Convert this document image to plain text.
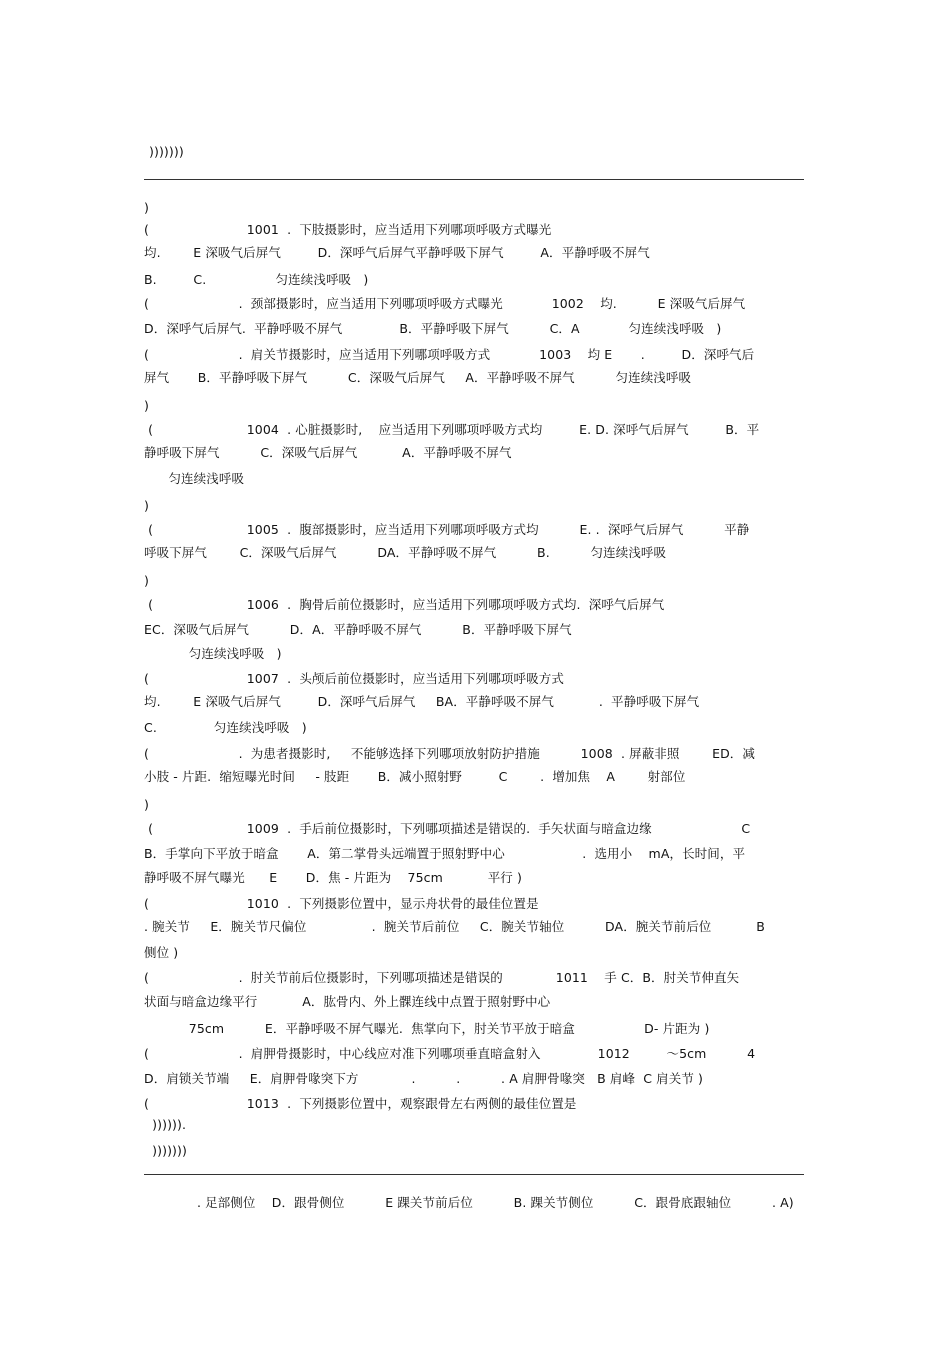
)))))))
)
(                        1001  .  下肢摄影时，应当适用下列哪项呼吸方式曝光
均.        E 深吸气后屏气         D．深呼气后屏气平静呼吸下屏气         A．平静呼吸不屏气
B.         C.                 匀连续浅呼吸   )
(                      .  颈部摄影时，应当适用下列哪项呼吸方式曝光            1002    均.          E 深吸气后屏气
D．深呼气后屏气.  平静呼吸不屏气              B．平静呼吸下屏气          C．A            匀连续浅呼吸   )
(                      .  肩关节摄影时，应当适用下列哪项呼吸方式            1003    均 E       .         D．深呼气后
屏气       B．平静呼吸下屏气          C．深吸气后屏气     A．平静呼吸不屏气          匀连续浅呼吸
)
(                       1004  . 心脏摄影时,    应当适用下列哪项呼吸方式均         E. D. 深呼气后屏气         B．平
静呼吸下屏气          C．深吸气后屏气           A．平静呼吸不屏气
匀连续浅呼吸
)
(                       1005  .  腹部摄影时，应当适用下列哪项呼吸方式均          E. .  深呼气后屏气          平静
呼吸下屏气        C．深吸气后屏气          DA．平静呼吸不屏气          B.          匀连续浅呼吸
)
(                       1006  .  胸骨后前位摄影时，应当适用下列哪项呼吸方式均.  深呼气后屏气
EC．深吸气后屏气          D．A．平静呼吸不屏气          B．平静呼吸下屏气
匀连续浅呼吸   )
(                        1007  .  头颅后前位摄影时，应当适用下列哪项呼吸方式
均.        E 深吸气后屏气         D．深呼气后屏气     BA．平静呼吸不屏气           .  平静呼吸下屏气
C.              匀连续浅呼吸   )
(                      .  为患者摄影时,     不能够选择下列哪项放射防护措施          1008  . 屏蔽非照        ED．减
小肢 - 片距.  缩短曝光时间     - 肢距       B．减小照射野         C        .  增加焦    A        射部位
)
(                       1009  .  手后前位摄影时，下列哪项描述是错误的.  手矢状面与暗盒边缘                      C
B．手掌向下平放于暗盒       A．第二掌骨头远端置于照射野中心                   .  选用小    mA，长时间，平
静呼吸不屏气曝光      E       D．焦 - 片距为    75cm           平行 )
(                        1010  .  下列摄影位置中，显示舟状骨的最佳位置是
. 腕关节     E．腕关节尺偏位                .  腕关节后前位     C．腕关节轴位          DA．腕关节前后位           B
侧位 )
(                      .  肘关节前后位摄影时，下列哪项描述是错误的             1011    手 C．B．肘关节伸直矢
状面与暗盒边缘平行           A．肱骨内、外上髁连线中点置于照射野中心
75cm          E．平静呼吸不屏气曝光.  焦掌向下，肘关节平放于暗盒                 D- 片距为 )
(                      .  肩胛骨摄影时，中心线应对准下列哪项垂直暗盒射入              1012         ～5cm          4
D．肩锁关节端     E．肩胛骨喙突下方             .          .          . A 肩胛骨喙突   B 肩峰  C 肩关节 )
(                        1013  .  下列摄影位置中，观察跟骨左右两侧的最佳位置是
)))))).
)))))))
. 足部侧位    D．跟骨侧位          E 踝关节前后位          B. 踝关节侧位          C．跟骨底跟轴位          . A)
